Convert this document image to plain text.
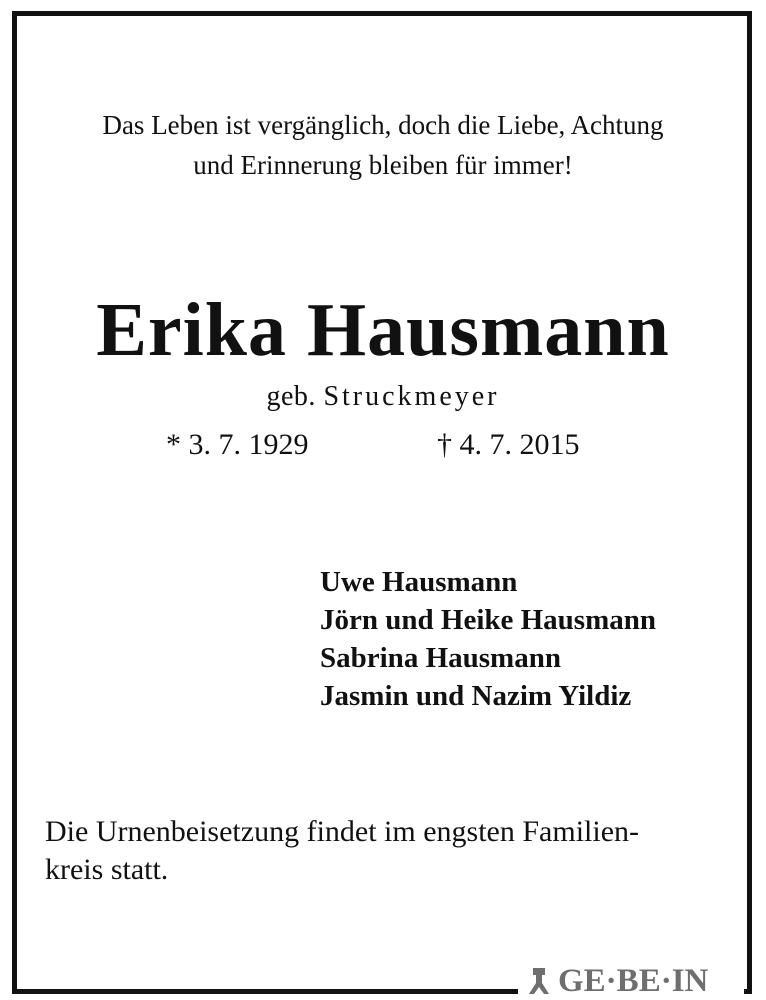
Das Leben ist vergänglich, doch die Liebe, Achtung
und Erinnerung bleiben für immer!

Erika Hausmann
geb. Struckmeyer
* 3. 7. 1929	† 4. 7. 2015
Uwe Hausmann
Jörn und Heike Hausmann
Sabrina Hausmann
Jasmin und Nazim Yildiz

Die Urnenbeisetzung findet im engsten Familien-
kreis statt.

GE·BE·IN
